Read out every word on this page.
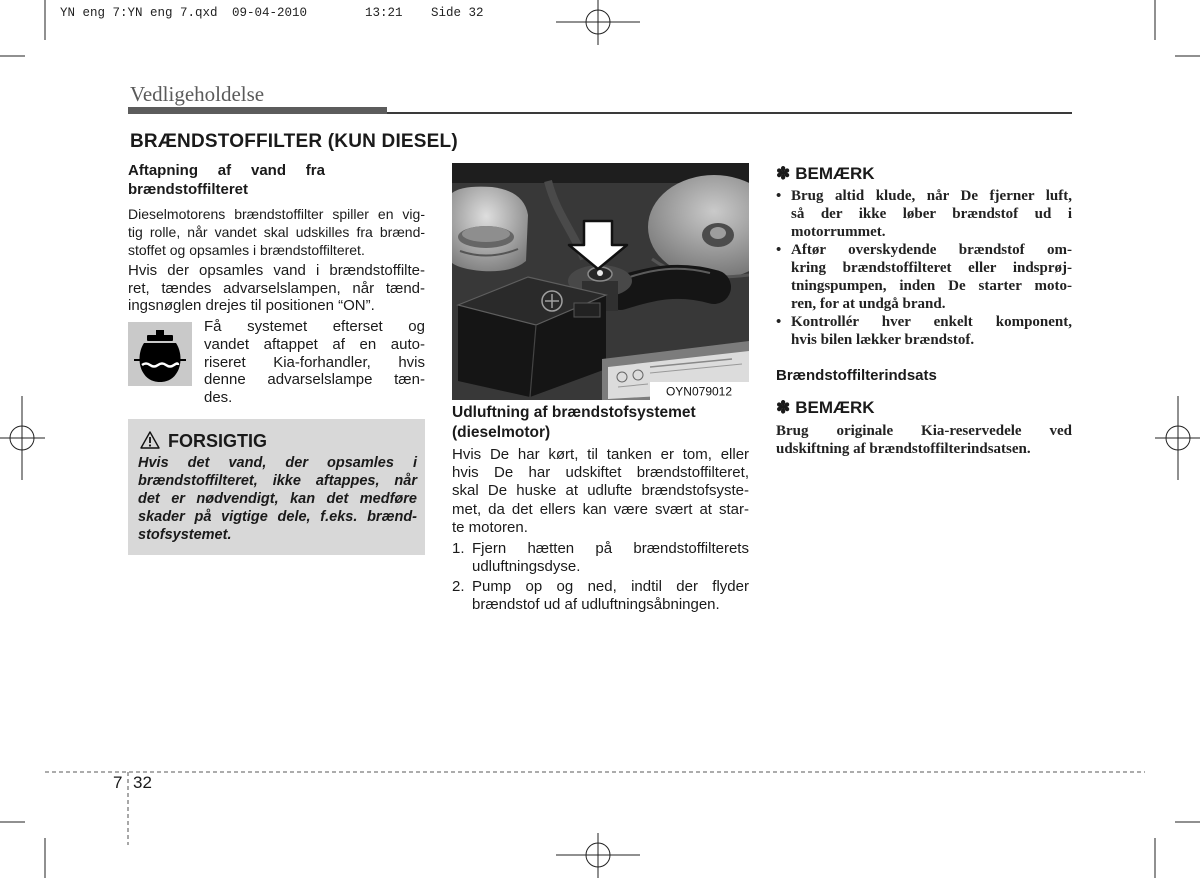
YN eng 7:YN eng 7.qxd 09-04-2010	13:21 Side 32
Vedligeholdelse
BRÆNDSTOFFILTER (KUN DIESEL)
Aftapning af vand fra
brændstoffilteret
Dieselmotorens brændstoffilter spiller en vig-
tig rolle, når vandet skal udskilles fra brænd-
stoffet og opsamles i brændstoffilteret.
Hvis der opsamles vand i brændstoffilte-
ret, tændes advarselslampen, når tænd-
ingsnøglen drejes til positionen “ON”.
Få systemet efterset og
vandet aftappet af en auto-
riseret Kia-forhandler, hvis
denne advarselslampe tæn-
des.
FORSIGTIG
Hvis det vand, der opsamles i
brændstoffilteret, ikke aftappes, når
det er nødvendigt, kan det medføre
skader på vigtige dele, f.eks. brænd-
stofsystemet.
OYN079012
Udluftning af brændstofsystemet
(dieselmotor)
Hvis De har kørt, til tanken er tom, eller
hvis De har udskiftet brændstoffilteret,
skal De huske at udlufte brændstofsyste-
met, da det ellers kan være svært at star-
te motoren.
1. Fjern hætten på brændstoffilterets
udluftningsdyse.
2. Pump op og ned, indtil der flyder
brændstof ud af udluftningsåbningen.
✽ BEMÆRK
• Brug altid klude, når De fjerner luft,
så der ikke løber brændstof ud i
motorrummet.
• Aftør overskydende brændstof om-
kring brændstoffilteret eller indsprøj-
tningspumpen, inden De starter moto-
ren, for at undgå brand.
• Kontrollér hver enkelt komponent,
hvis bilen lækker brændstof.
Brændstoffilterindsats
✽ BEMÆRK
Brug originale Kia-reservedele ved
udskiftning af brændstoffilterindsatsen.
7 32
